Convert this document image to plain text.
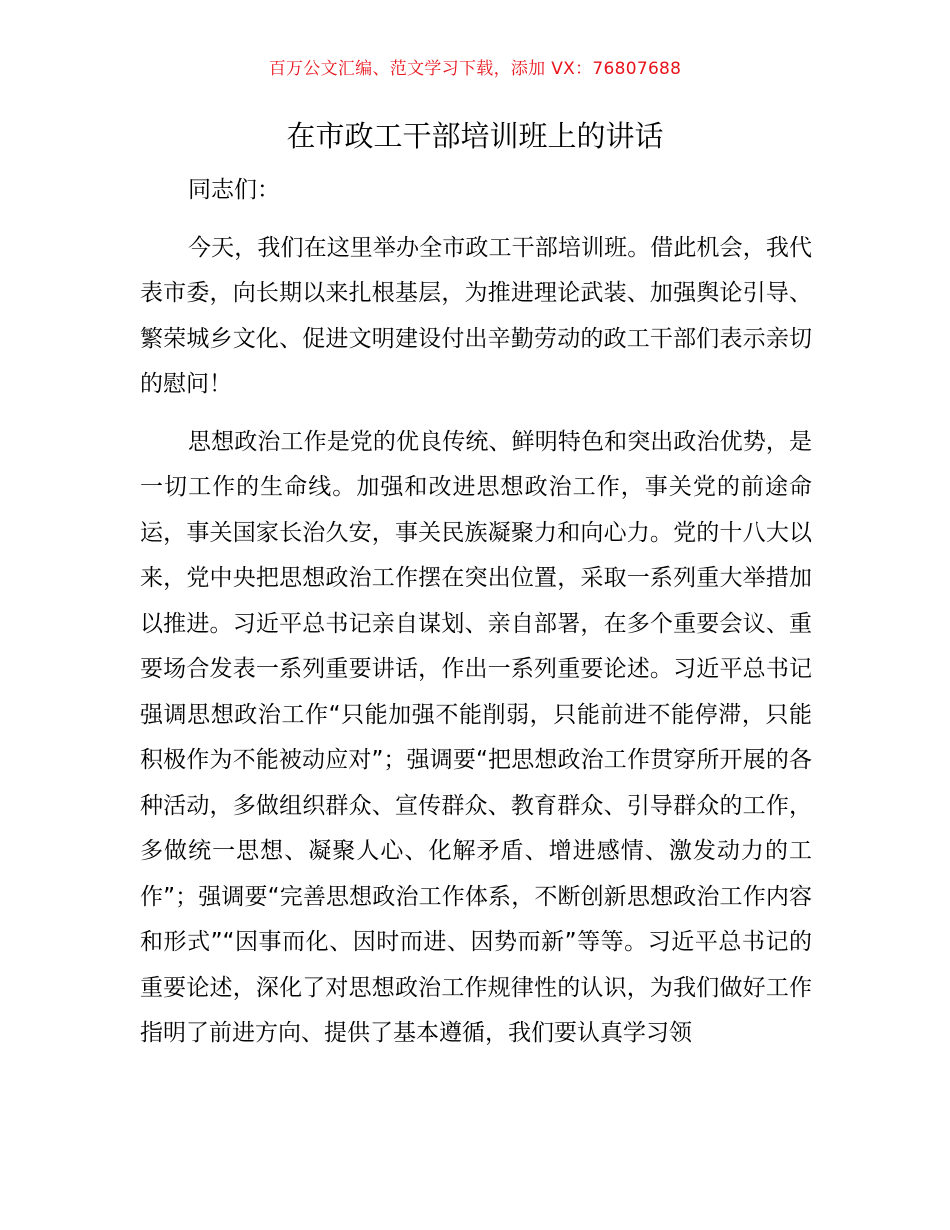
百万公文汇编、范文学习下载，添加 VX：76807688
在市政工干部培训班上的讲话

同志们：

今天，我们在这里举办全市政工干部培训班。借此机会，我代表市委，向长期以来扎根基层，为推进理论武装、加强舆论引导、繁荣城乡文化、促进文明建设付出辛勤劳动的政工干部们表示亲切的慰问！

思想政治工作是党的优良传统、鲜明特色和突出政治优势，是一切工作的生命线。加强和改进思想政治工作，事关党的前途命运，事关国家长治久安，事关民族凝聚力和向心力。党的十八大以来，党中央把思想政治工作摆在突出位置，采取一系列重大举措加以推进。习近平总书记亲自谋划、亲自部署，在多个重要会议、重要场合发表一系列重要讲话，作出一系列重要论述。习近平总书记强调思想政治工作“只能加强不能削弱，只能前进不能停滞，只能积极作为不能被动应对”；强调要“把思想政治工作贯穿所开展的各种活动，多做组织群众、宣传群众、教育群众、引导群众的工作，多做统一思想、凝聚人心、化解矛盾、增进感情、激发动力的工作”；强调要“完善思想政治工作体系，不断创新思想政治工作内容和形式”“因事而化、因时而进、因势而新”等等。习近平总书记的重要论述，深化了对思想政治工作规律性的认识，为我们做好工作指明了前进方向、提供了基本遵循，我们要认真学习领
